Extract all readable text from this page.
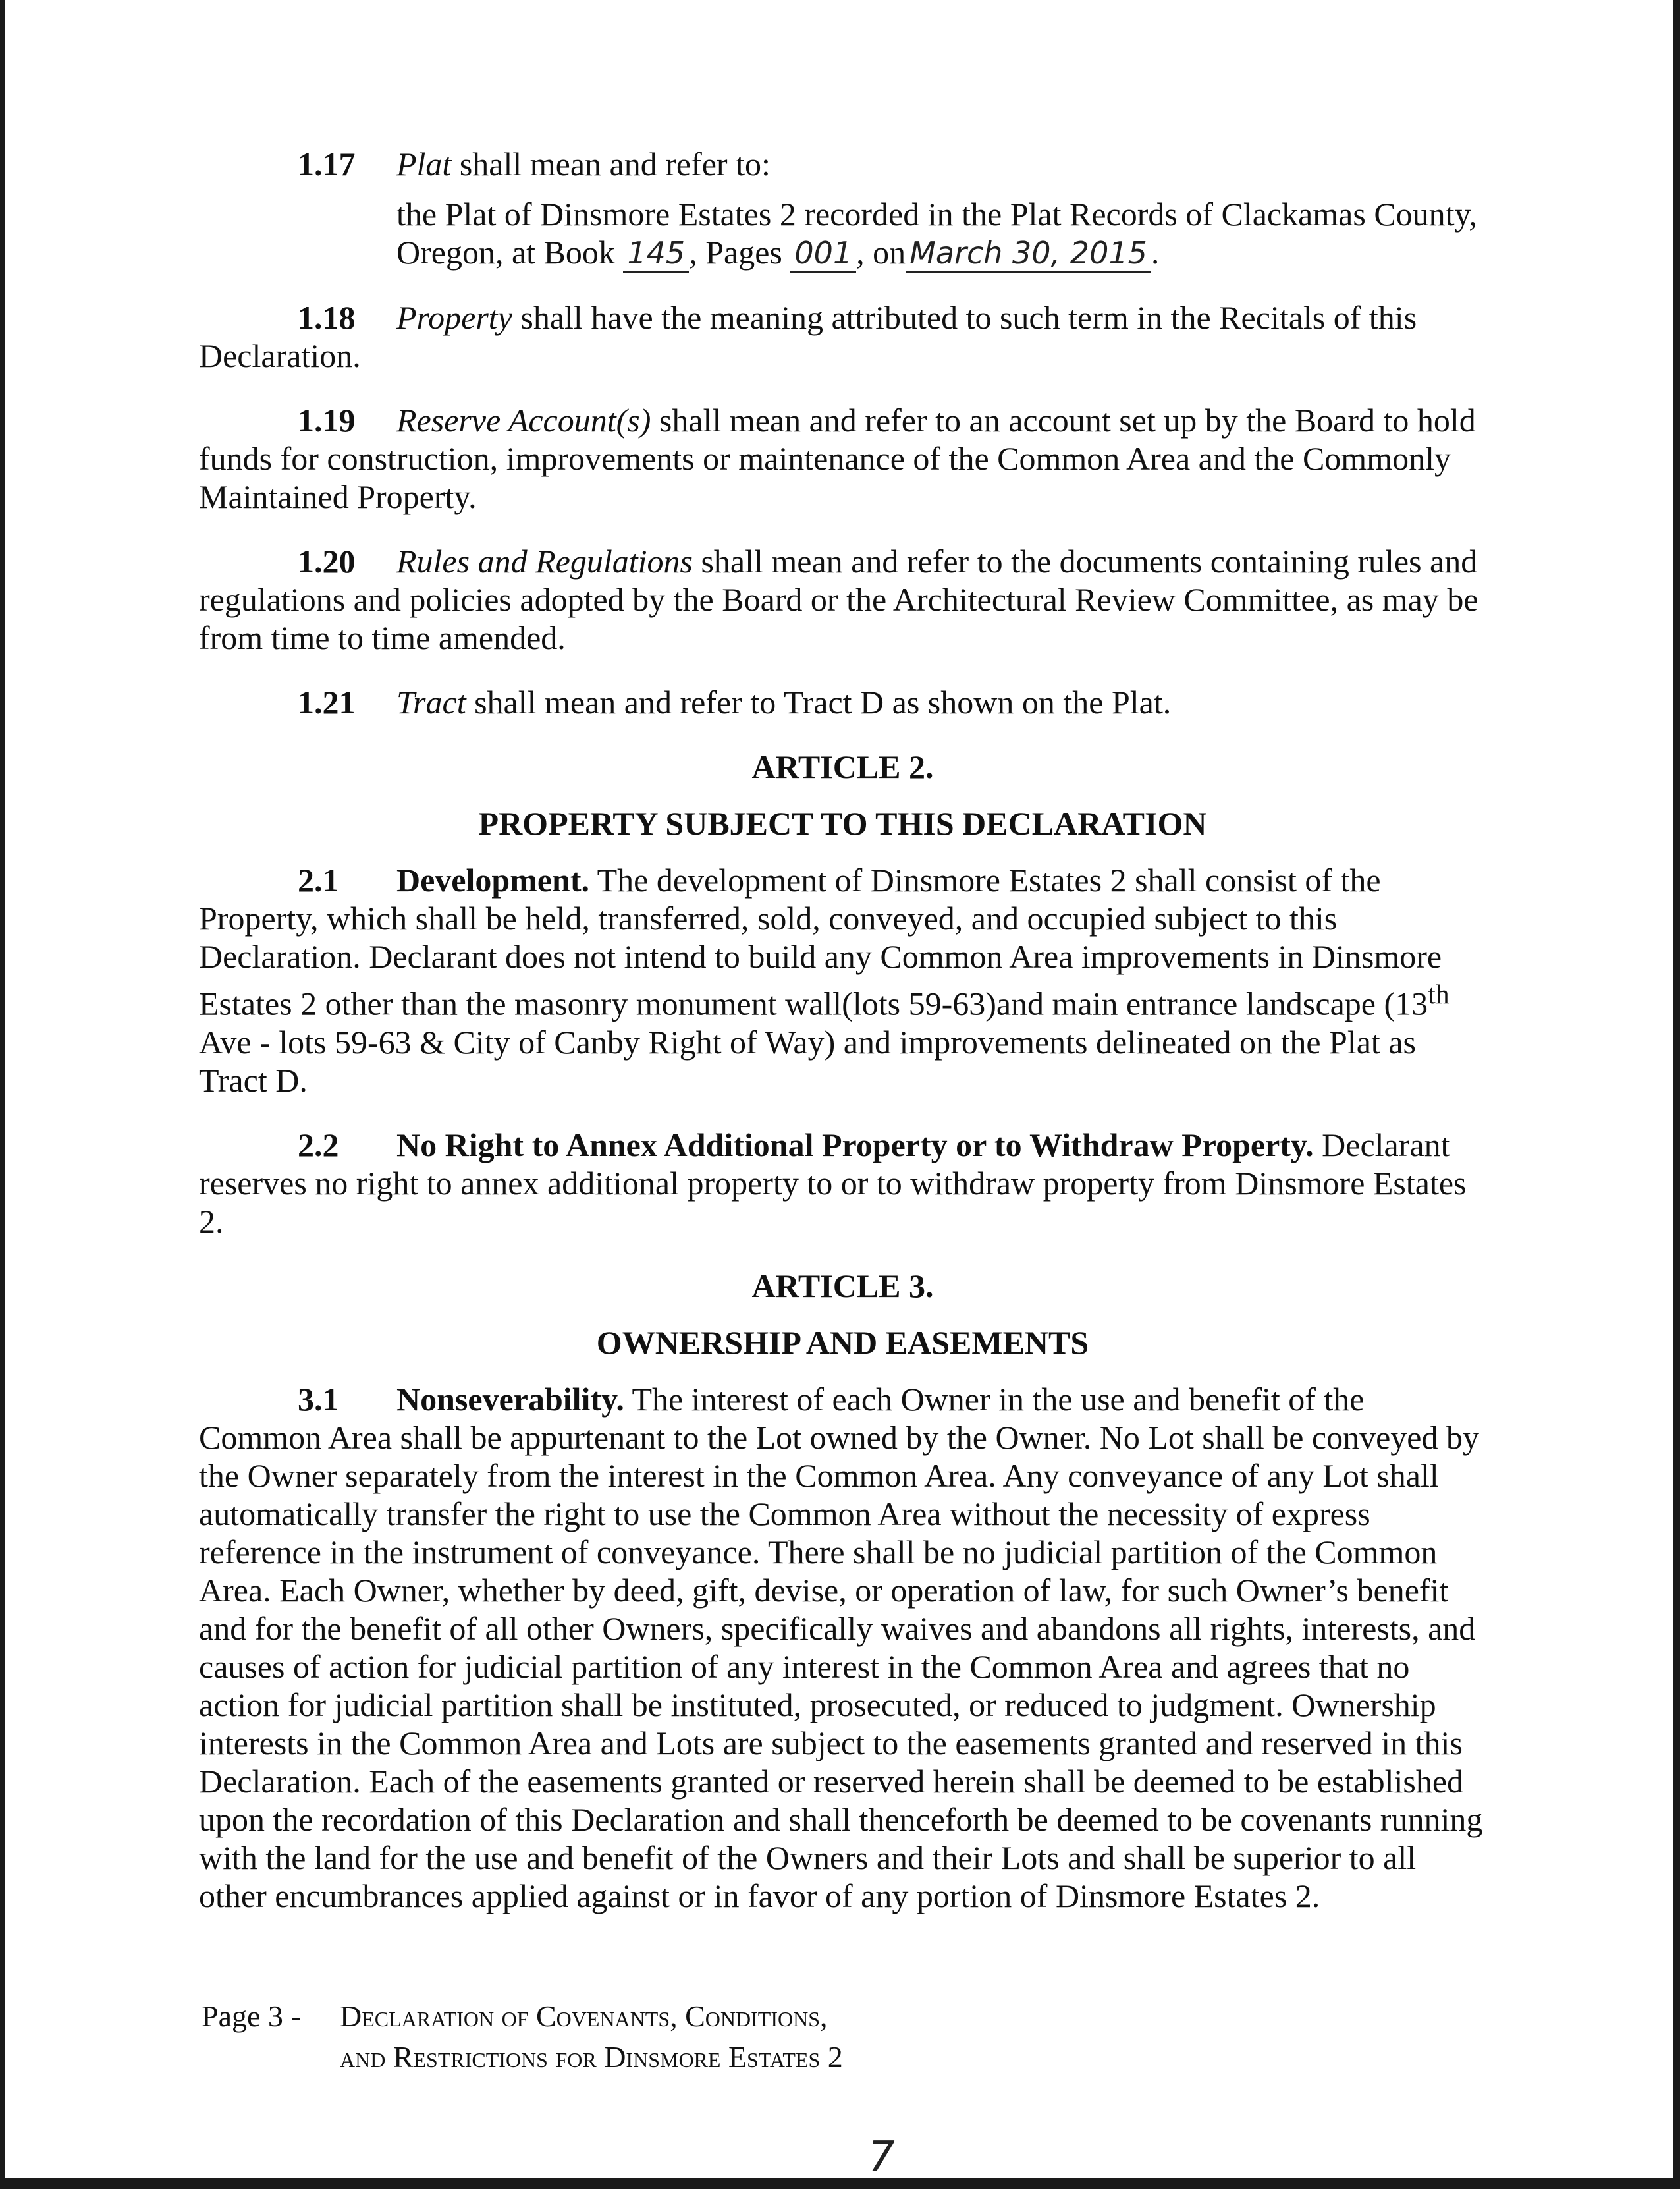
1.17 Plat shall mean and refer to:

the Plat of Dinsmore Estates 2 recorded in the Plat Records of Clackamas County,
Oregon, at Book 145 , Pages 001 , on March 30, 2015 .

1.18 Property shall have the meaning attributed to such term in the Recitals of this Declaration.

1.19 Reserve Account(s) shall mean and refer to an account set up by the Board to hold funds for construction, improvements or maintenance of the Common Area and the Commonly Maintained Property.

1.20 Rules and Regulations shall mean and refer to the documents containing rules and regulations and policies adopted by the Board or the Architectural Review Committee, as may be from time to time amended.

1.21 Tract shall mean and refer to Tract D as shown on the Plat.

ARTICLE 2.

PROPERTY SUBJECT TO THIS DECLARATION

2.1 Development. The development of Dinsmore Estates 2 shall consist of the Property, which shall be held, transferred, sold, conveyed, and occupied subject to this Declaration. Declarant does not intend to build any Common Area improvements in Dinsmore Estates 2 other than the masonry monument wall(lots 59-63)and main entrance landscape (13th Ave - lots 59-63 & City of Canby Right of Way) and improvements delineated on the Plat as Tract D.

2.2 No Right to Annex Additional Property or to Withdraw Property. Declarant reserves no right to annex additional property to or to withdraw property from Dinsmore Estates 2.

ARTICLE 3.

OWNERSHIP AND EASEMENTS

3.1 Nonseverability. The interest of each Owner in the use and benefit of the Common Area shall be appurtenant to the Lot owned by the Owner. No Lot shall be conveyed by the Owner separately from the interest in the Common Area. Any conveyance of any Lot shall automatically transfer the right to use the Common Area without the necessity of express reference in the instrument of conveyance. There shall be no judicial partition of the Common Area. Each Owner, whether by deed, gift, devise, or operation of law, for such Owner’s benefit and for the benefit of all other Owners, specifically waives and abandons all rights, interests, and causes of action for judicial partition of any interest in the Common Area and agrees that no action for judicial partition shall be instituted, prosecuted, or reduced to judgment. Ownership interests in the Common Area and Lots are subject to the easements granted and reserved in this Declaration. Each of the easements granted or reserved herein shall be deemed to be established upon the recordation of this Declaration and shall thenceforth be deemed to be covenants running with the land for the use and benefit of the Owners and their Lots and shall be superior to all other encumbrances applied against or in favor of any portion of Dinsmore Estates 2.

Page 3 - Declaration of Covenants, Conditions,
and Restrictions for Dinsmore Estates 2
7
